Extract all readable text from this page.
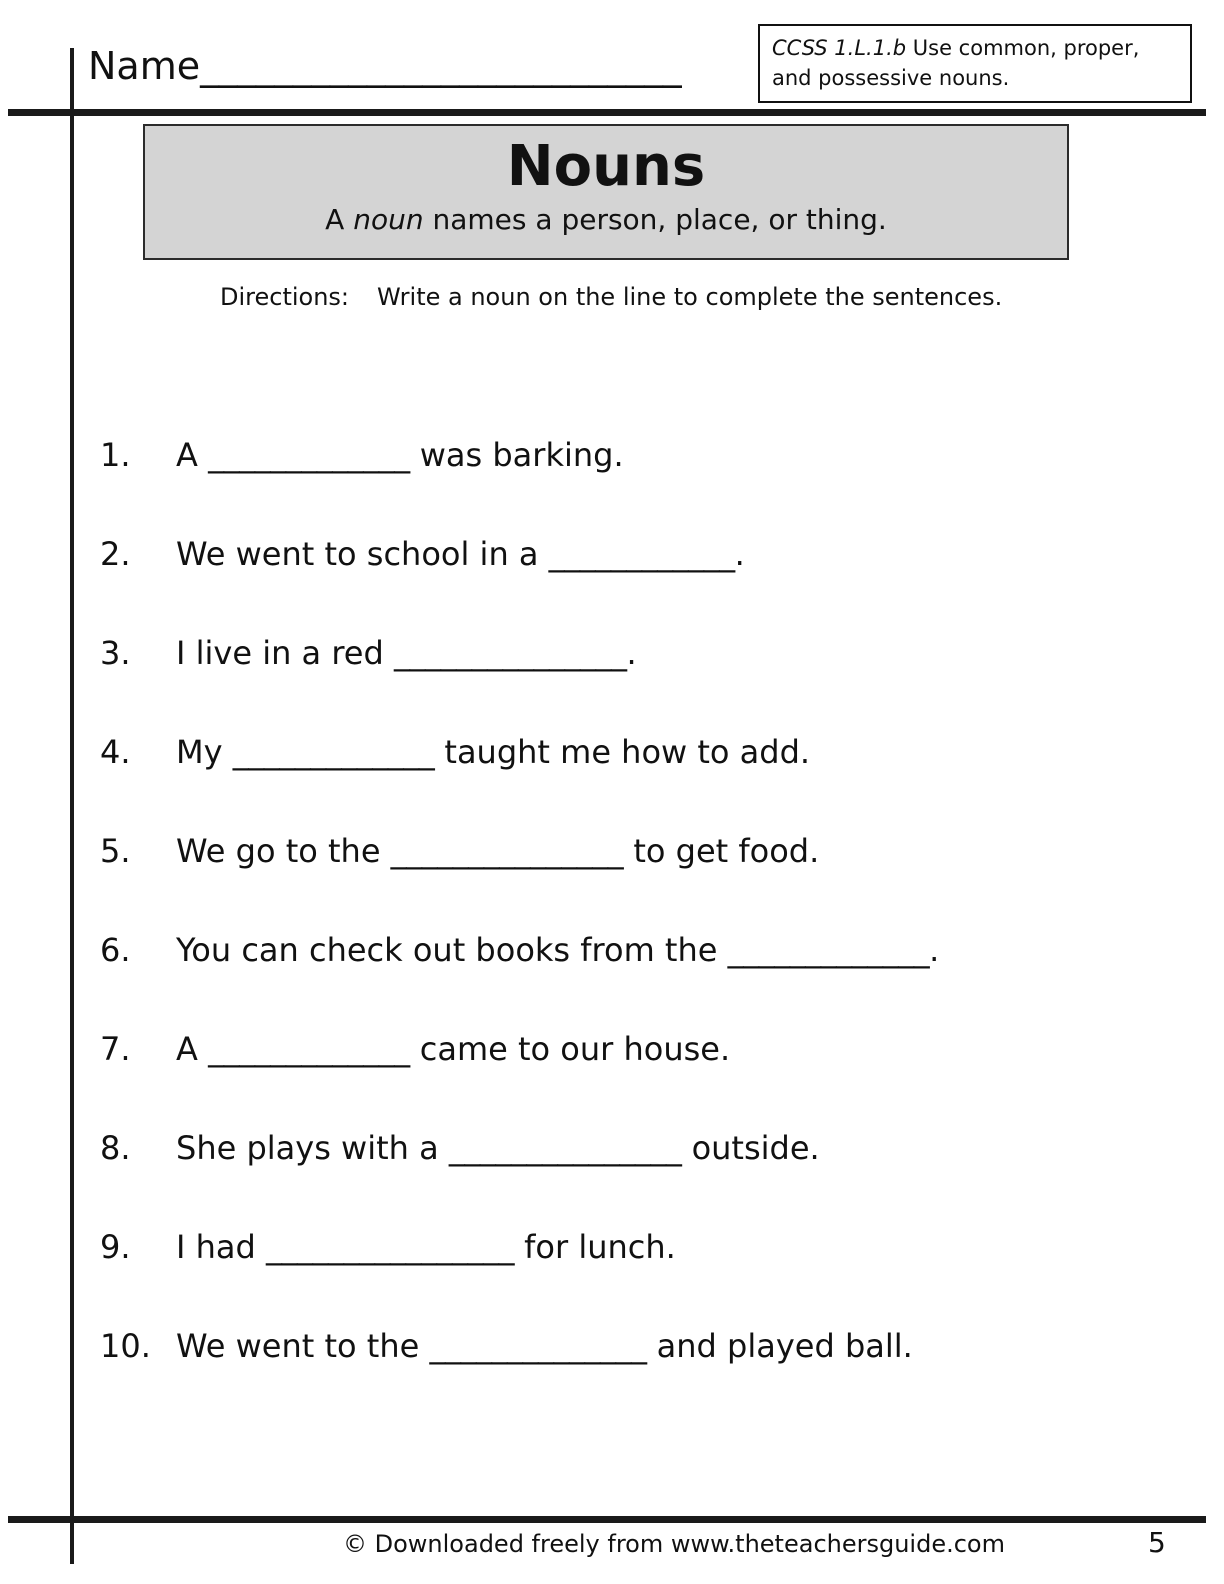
Name__________________________	CCSS 1.L.1.b Use common, proper, and possessive nouns.
Nouns
A noun names a person, place, or thing.
Directions: Write a noun on the line to complete the sentences.
1.	A _____________ was barking.
2.	We went to school in a ____________.
3.	I live in a red _______________.
4.	My _____________ taught me how to add.
5.	We go to the _______________ to get food.
6.	You can check out books from the _____________.
7.	A _____________ came to our house.
8.	She plays with a _______________ outside.
9.	I had ________________ for lunch.
10. We went to the ______________ and played ball.
© Downloaded freely from www.theteachersguide.com	5
